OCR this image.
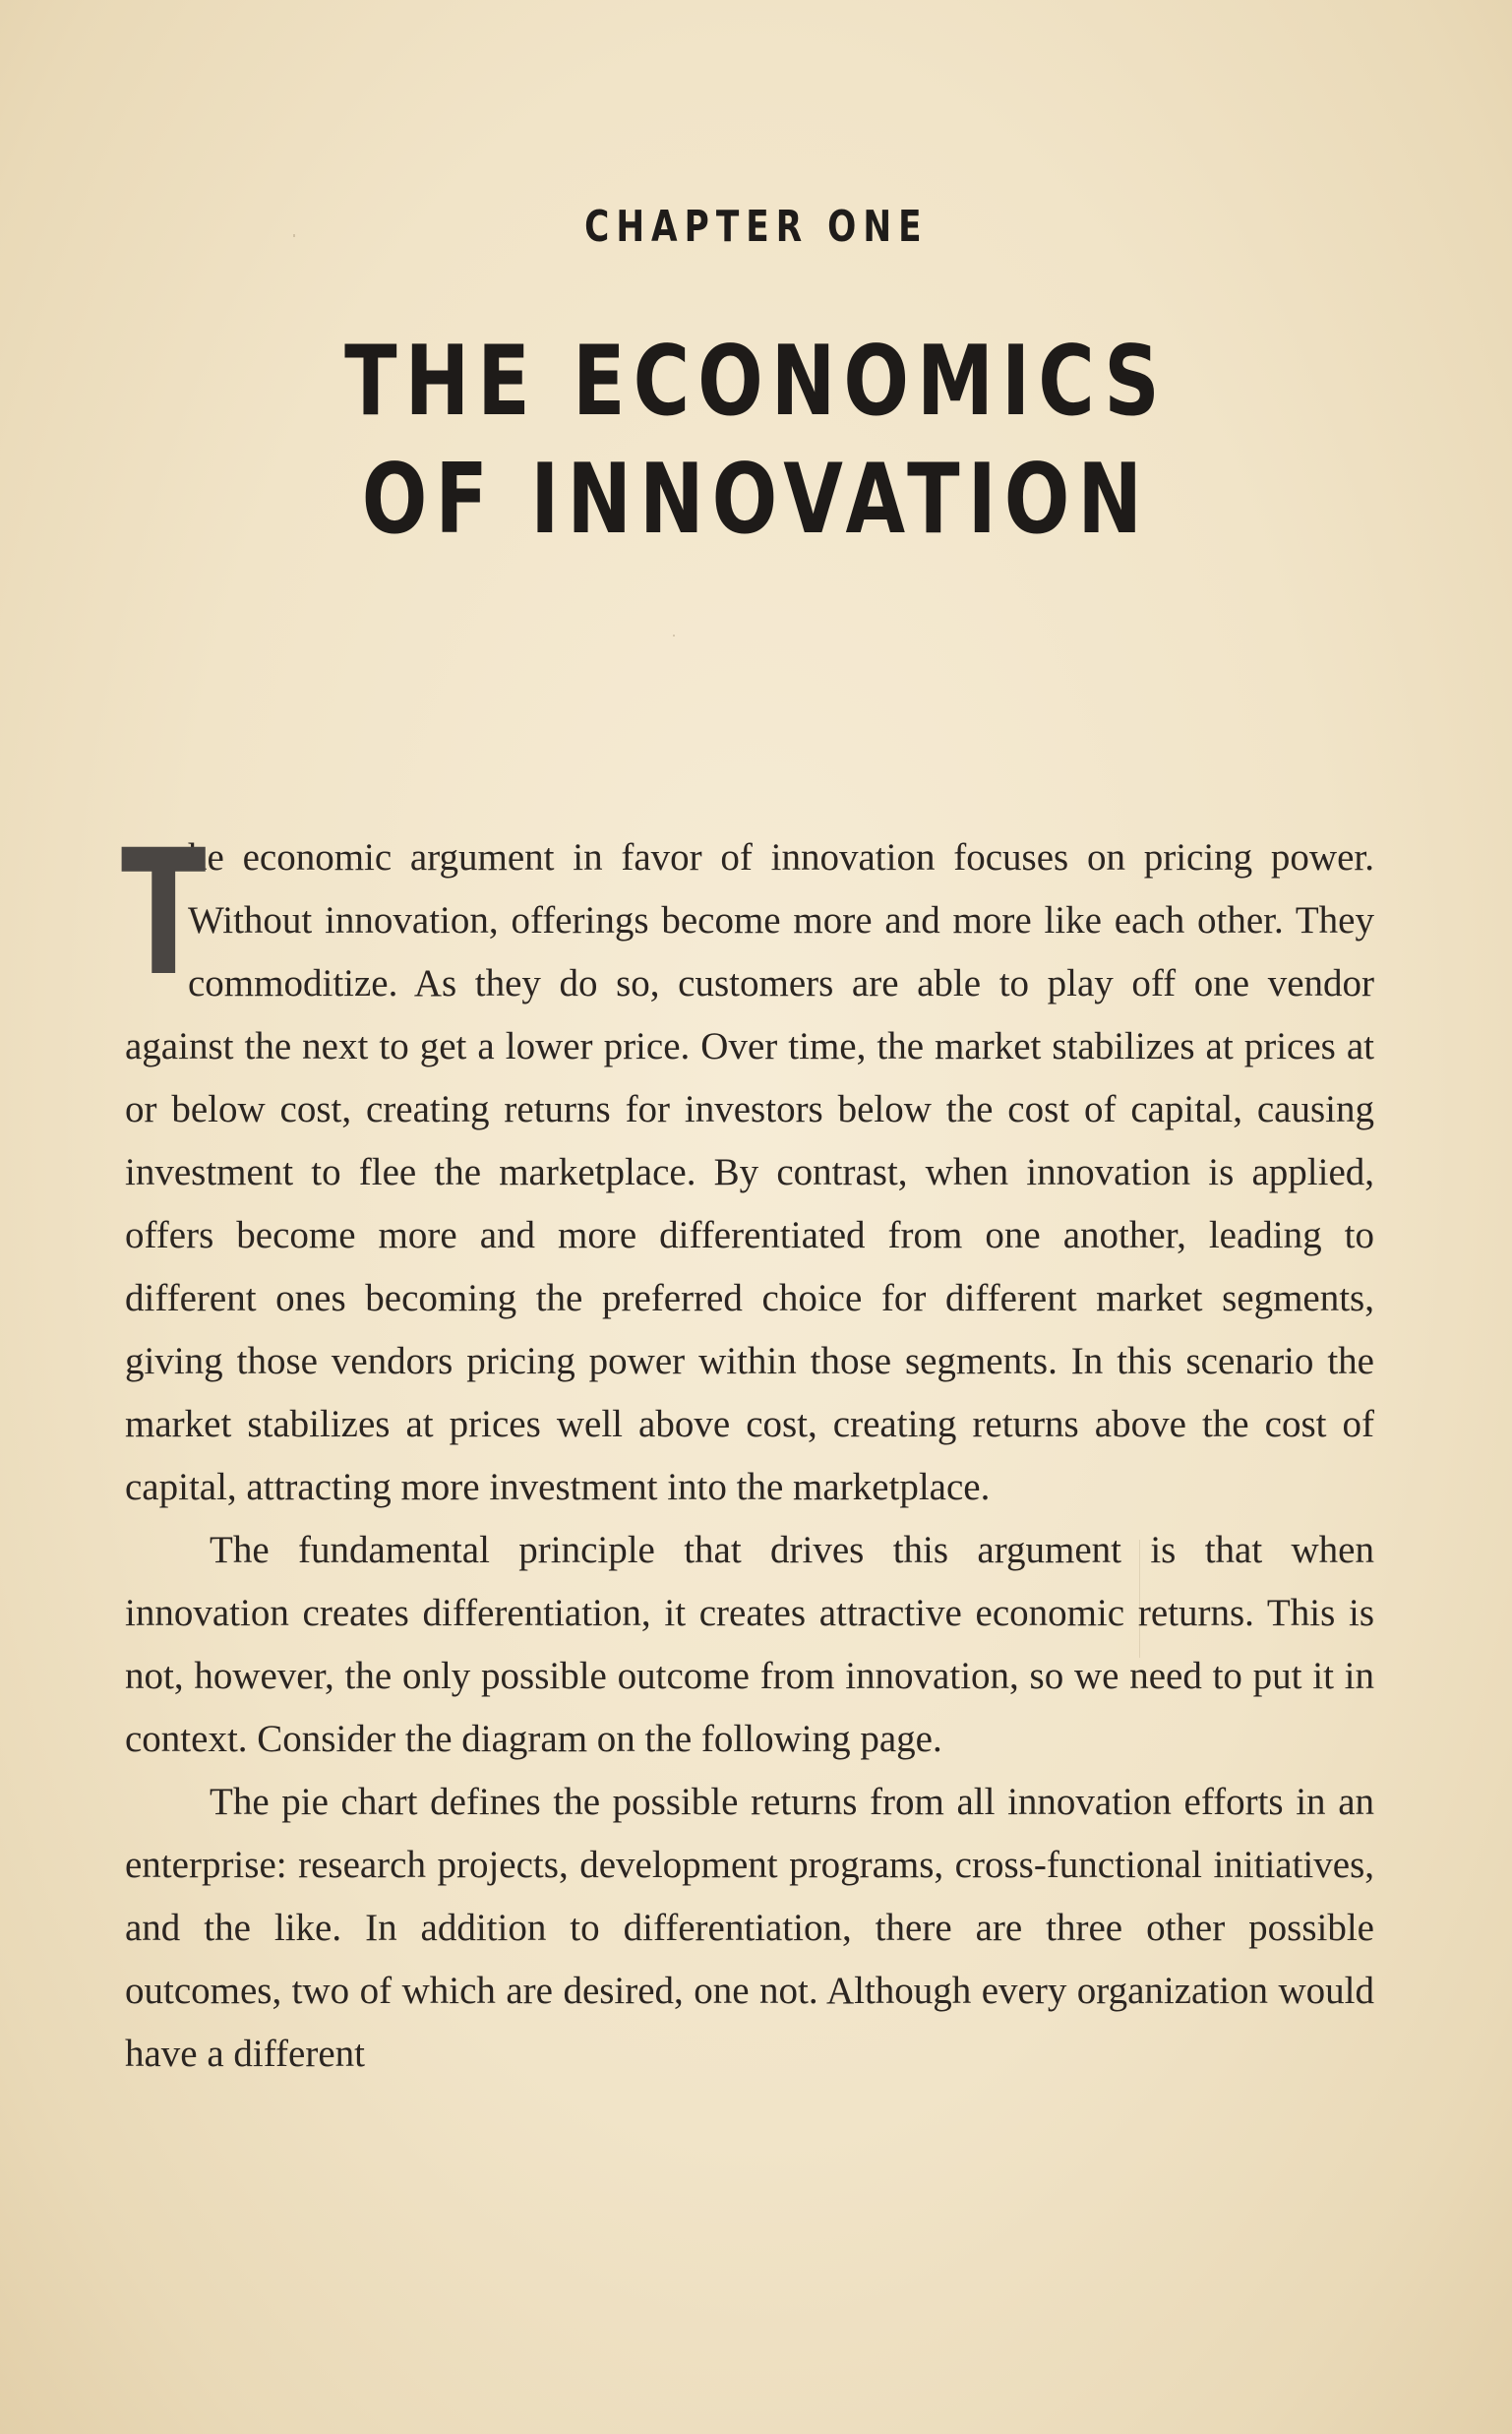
CHAPTER ONE
THE ECONOMICS
OF INNOVATION

T
he economic argument in favor of innovation focuses on pricing power. Without innovation, offerings become more and more like each other. They commoditize. As they do so, customers are able to play off one vendor against the next to get a lower price. Over time, the market stabilizes at prices at or below cost, creating returns for investors below the cost of capital, causing investment to flee the marketplace. By contrast, when innovation is applied, offers become more and more differentiated from one another, leading to different ones becoming the preferred choice for different market segments, giving those vendors pricing power within those segments. In this scenario the market stabilizes at prices well above cost, creating returns above the cost of capital, attracting more investment into the marketplace.

The fundamental principle that drives this argument is that when innovation creates differentiation, it creates attractive economic returns. This is not, however, the only possible outcome from innovation, so we need to put it in context. Consider the diagram on the following page.

The pie chart defines the possible returns from all innovation efforts in an enterprise: research projects, development programs, cross-functional initiatives, and the like. In addition to differentiation, there are three other possible outcomes, two of which are desired, one not. Although every organization would have a different
